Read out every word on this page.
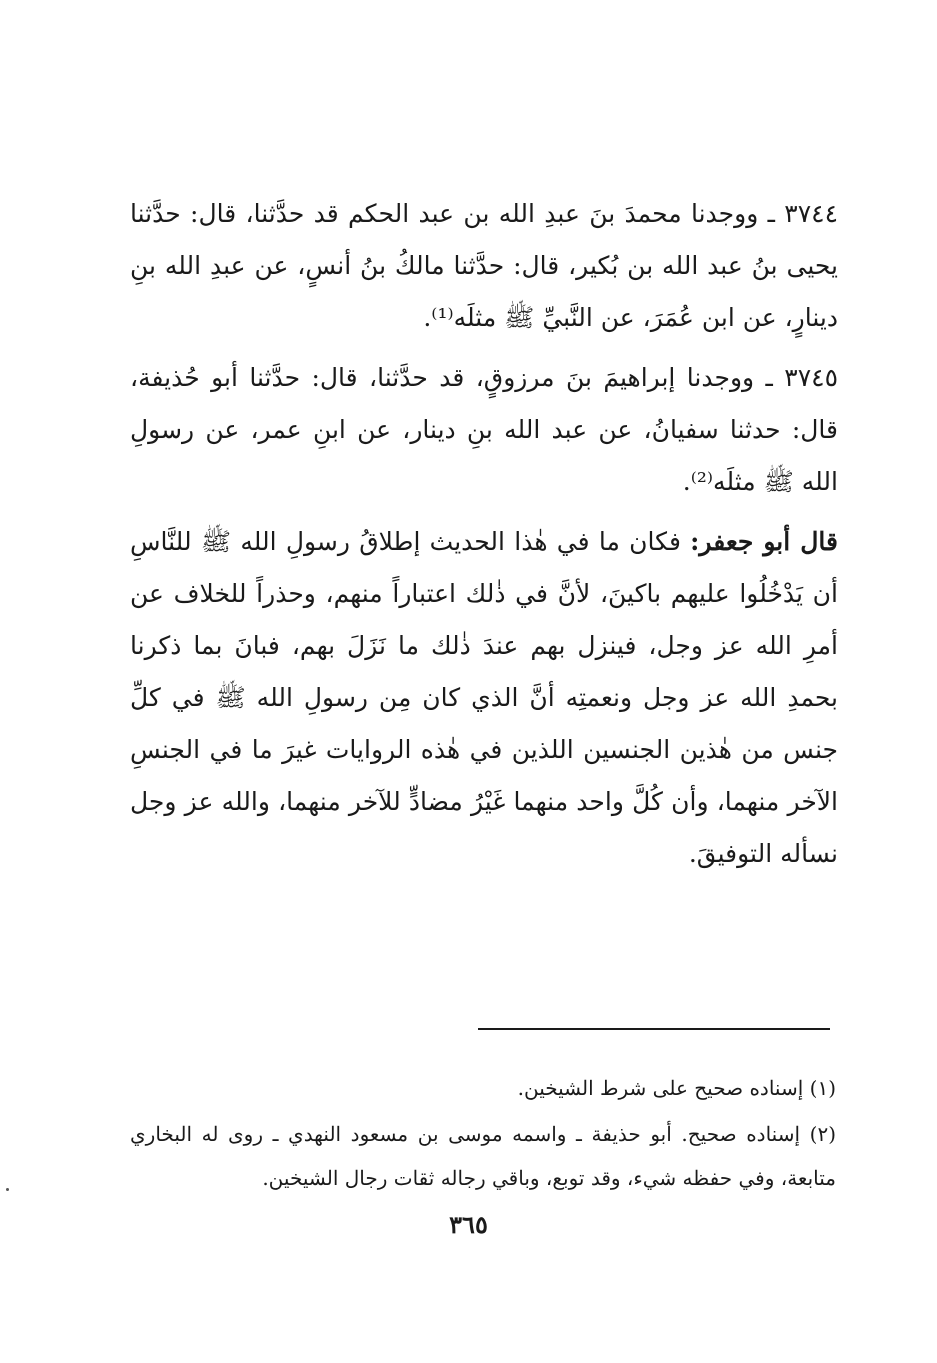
٣٧٤٤ ـ ووجدنا محمدَ بنَ عبدِ الله بن عبد الحكم قد حدَّثنا، قال: حدَّثنا يحيى بنُ عبد الله بن بُكير، قال: حدَّثنا مالكُ بنُ أنسٍ، عن عبدِ الله بنِ دينارٍ، عن ابن عُمَرَ، عن النَّبيِّ ﷺ مثلَه⁽¹⁾.

٣٧٤٥ ـ ووجدنا إبراهيمَ بنَ مرزوقٍ، قد حدَّثنا، قال: حدَّثنا أبو حُذيفة، قال: حدثنا سفيانُ، عن عبد الله بنِ دينار، عن ابنِ عمر، عن رسولِ الله ﷺ مثلَه⁽²⁾.

قال أبو جعفر: فكان ما في هٰذا الحديث إطلاقُ رسولِ الله ﷺ للنَّاسِ أن يَدْخُلُوا عليهم باكينَ، لأنَّ في ذٰلك اعتباراً منهم، وحذراً للخلاف عن أمرِ الله عز وجل، فينزل بهم عندَ ذٰلك ما نَزَلَ بهم، فبانَ بما ذكرنا بحمدِ الله عز وجل ونعمتِه أنَّ الذي كان مِن رسولِ الله ﷺ في كلِّ جنس من هٰذين الجنسين اللذين في هٰذه الروايات غيرَ ما في الجنسِ الآخر منهما، وأن كُلَّ واحد منهما غَيْرُ مضادٍّ للآخر منهما، والله عز وجل نسأله التوفيقَ.

(١) إسناده صحيح على شرط الشيخين.

(٢) إسناده صحيح. أبو حذيفة ـ واسمه موسى بن مسعود النهدي ـ روى له البخاري متابعة، وفي حفظه شيء، وقد توبع، وباقي رجاله ثقات رجال الشيخين.

٣٦٥
